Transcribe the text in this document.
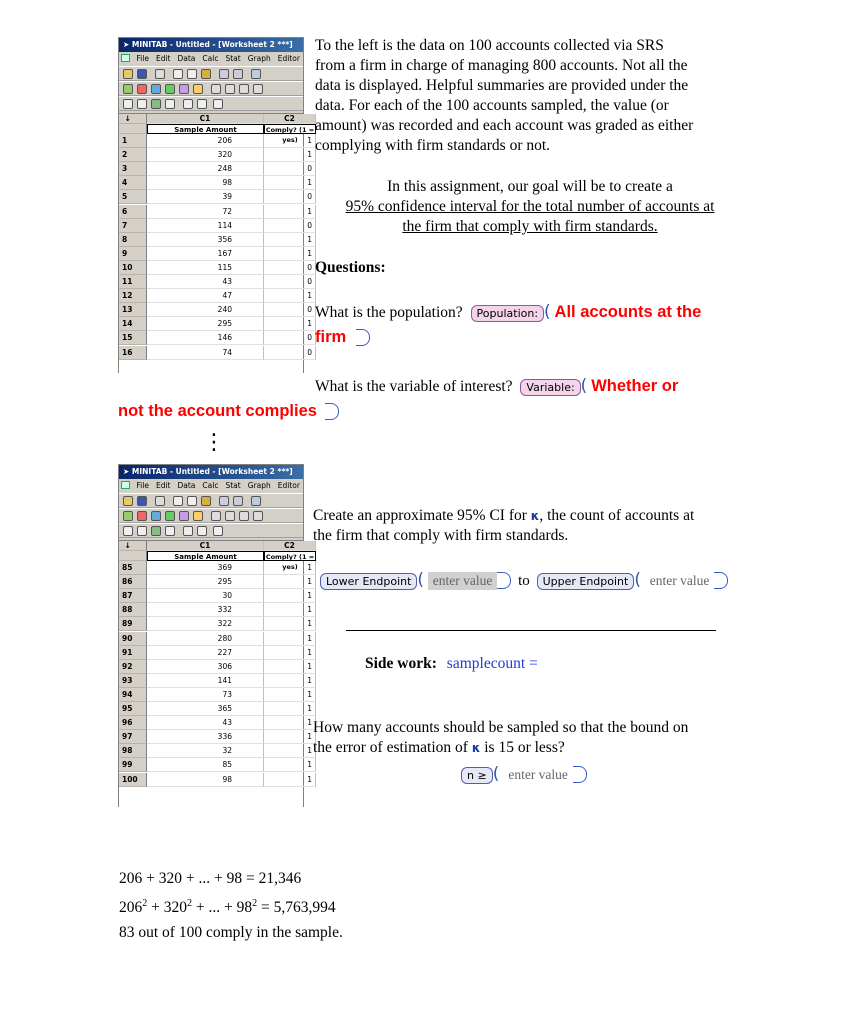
➤ MINITAB - Untitled - [Worksheet 2 ***]
File Edit Data Calc Stat Graph Editor
↓	C1	C2
Sample Amount	Comply? (1 = yes)
1	206	1
2	320	1
3	248	0
4	98	1
5	39	0
6	72	1
7	114	0
8	356	1
9	167	1
10	115	0
11	43	0
12	47	1
13	240	0
14	295	1
15	146	0
16	74	0
➤ MINITAB - Untitled - [Worksheet 2 ***]
File Edit Data Calc Stat Graph Editor
↓	C1	C2
Sample Amount	Comply? (1 = yes)
85	369	1
86	295	1
87	30	1
88	332	1
89	322	1
90	280	1
91	227	1
92	306	1
93	141	1
94	73	1
95	365	1
96	43	1
97	336	1
98	32	1
99	85	1
100	98	1
To the left is the data on 100 accounts collected via SRS
from a firm in charge of managing 800 accounts. Not all the
data is displayed. Helpful summaries are provided under the
data. For each of the 100 accounts sampled, the value (or
amount) was recorded and each account was graded as either
complying with firm standards or not.
In this assignment, our goal will be to create a
95% confidence interval for the total number of accounts at
the firm that comply with firm standards.
Questions:
What is the population? Population: ( All accounts at the
firm
What is the variable of interest? Variable: ( Whether or
not the account complies
⋮
Create an approximate 95% CI for κ, the count of accounts at
the firm that comply with firm standards.
Lower Endpoint ( enter value to Upper Endpoint ( enter value
Side work: samplecount =
How many accounts should be sampled so that the bound on
the error of estimation of κ is 15 or less?
n ≥ ( enter value
206 + 320 + ... + 98 = 21,346
$206^2 + 320^2$ + ... + $98^2 = 5,763,994$
83 out of 100 comply in the sample.
